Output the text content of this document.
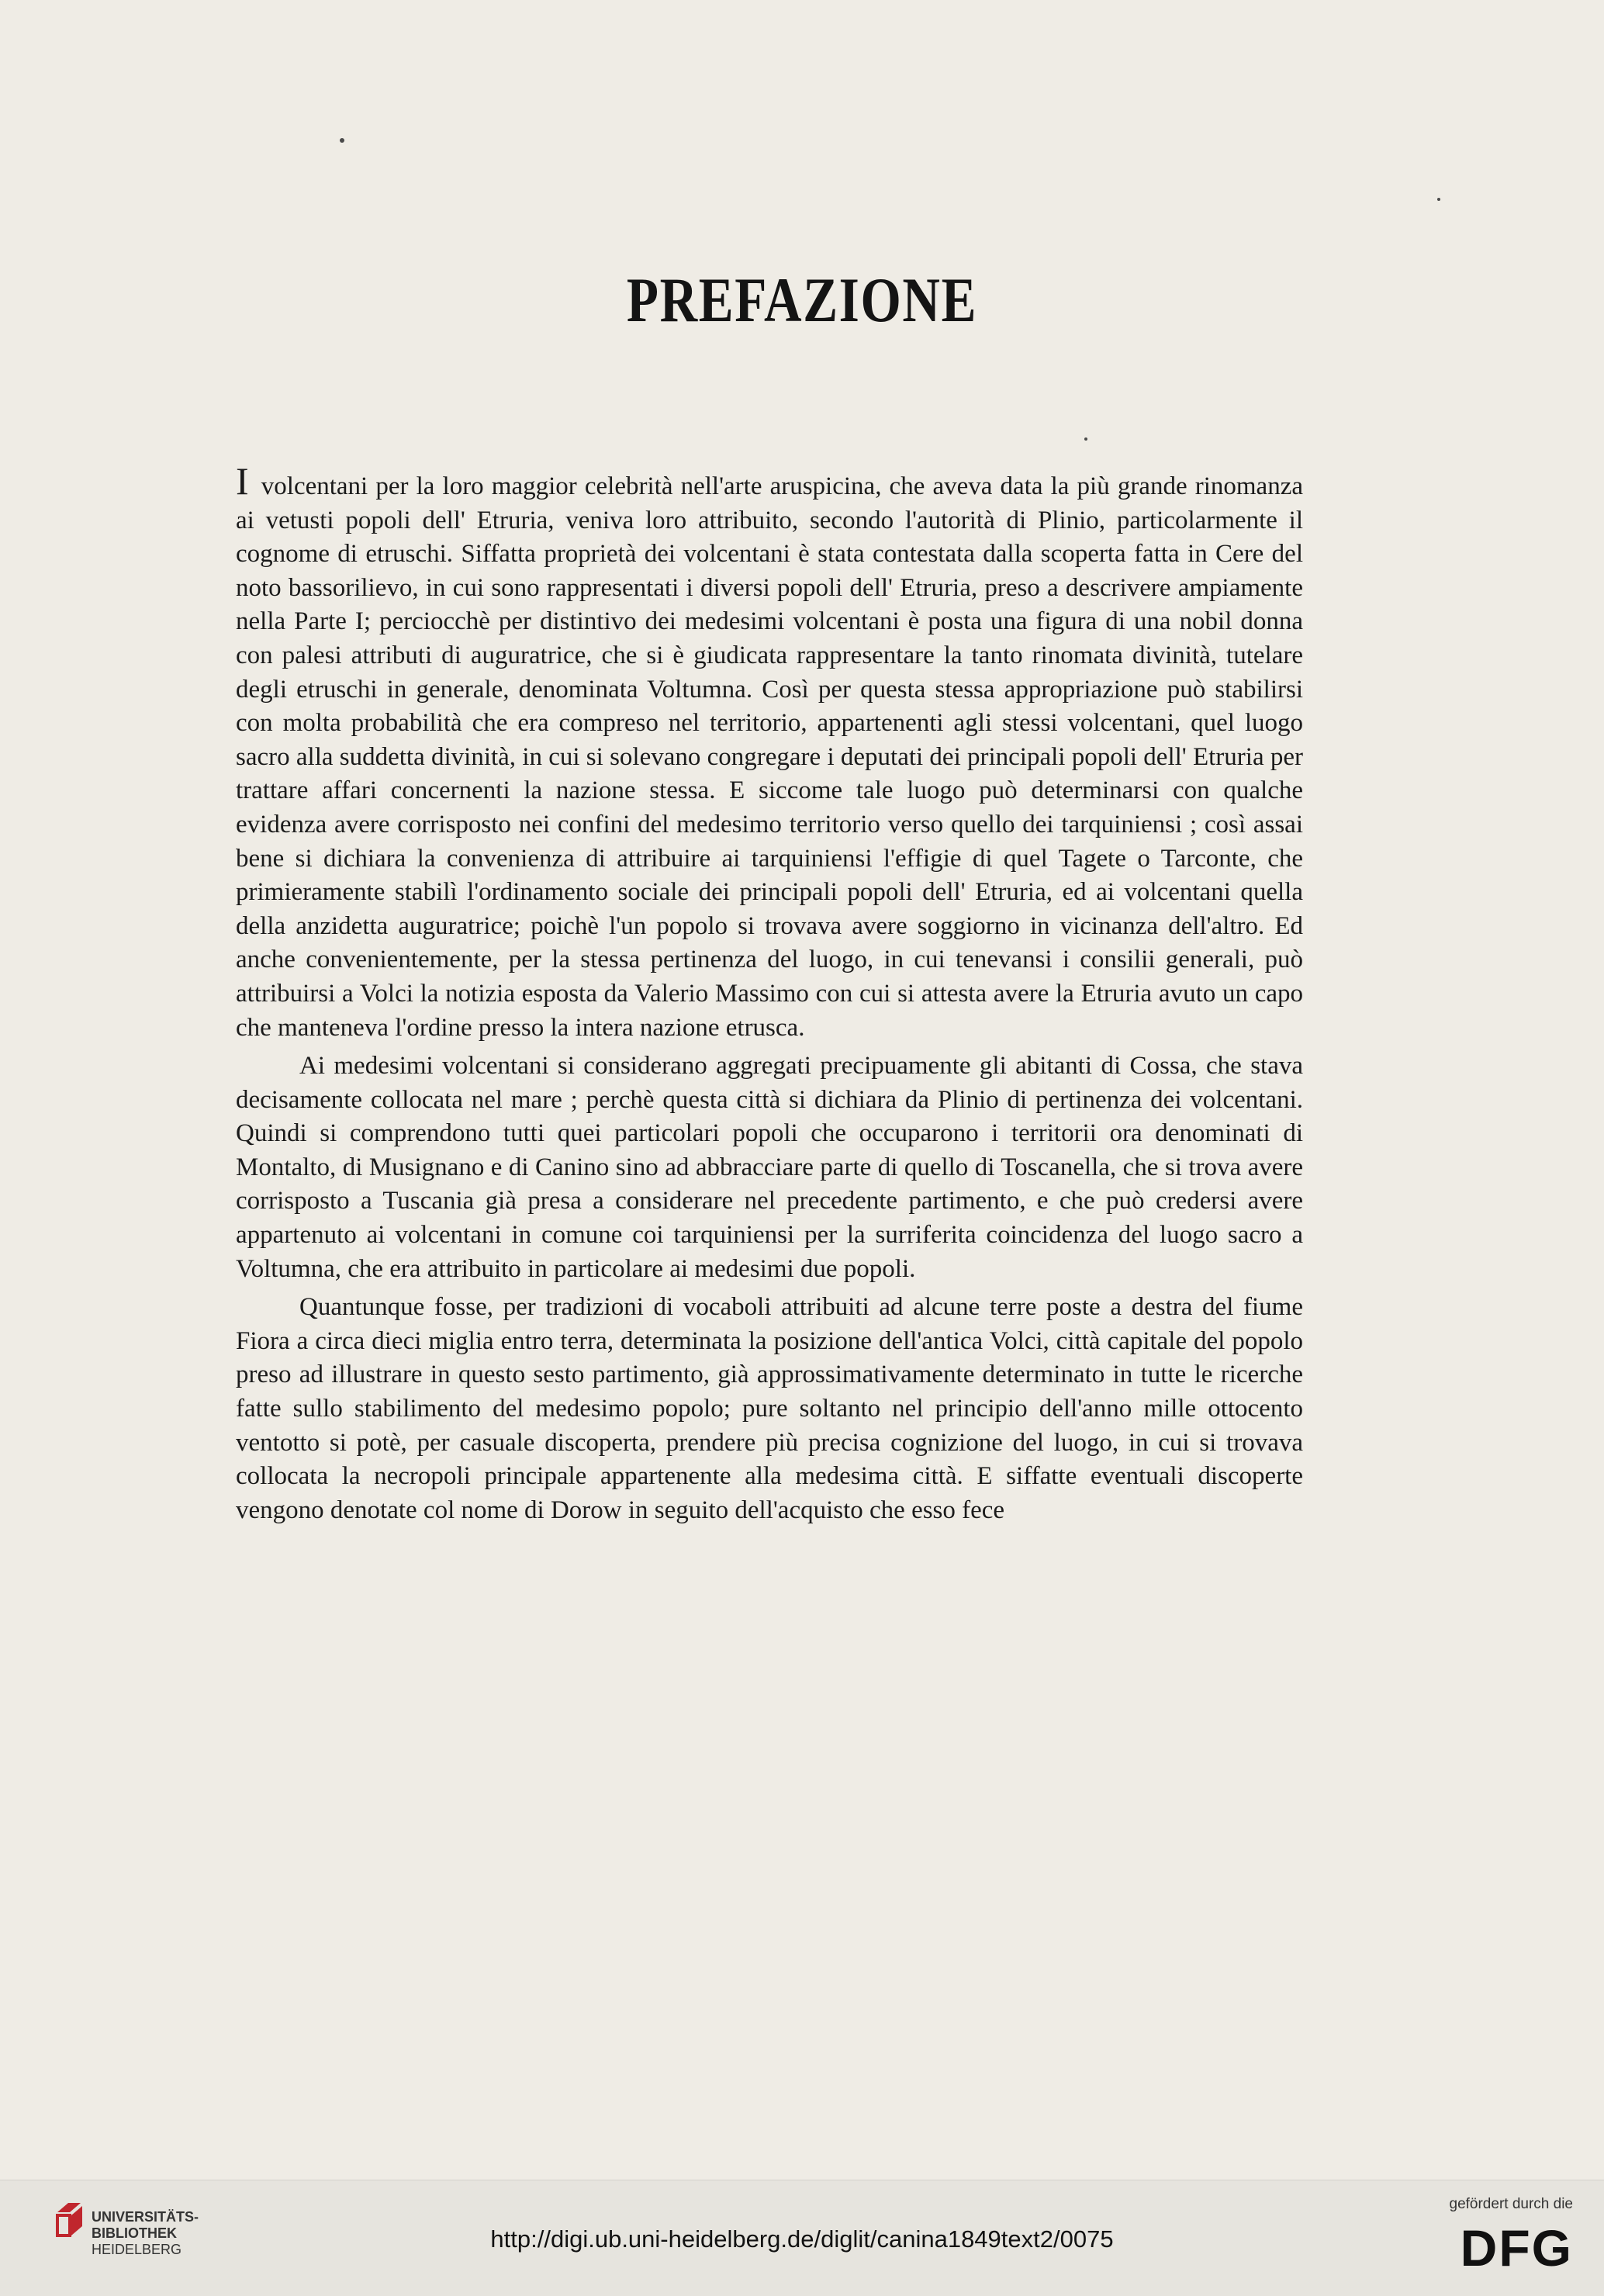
PREFAZIONE

I volcentani per la loro maggior celebrità nell'arte aruspicina, che aveva data la più grande rinomanza ai vetusti popoli dell' Etruria, veniva loro attribuito, secondo l'autorità di Plinio, particolarmente il cognome di etruschi. Siffatta proprietà dei volcentani è stata contestata dalla scoperta fatta in Cere del noto bassorilievo, in cui sono rappresentati i diversi popoli dell' Etruria, preso a descrivere ampiamente nella Parte I; perciocchè per distintivo dei medesimi volcentani è posta una figura di una nobil donna con palesi attributi di auguratrice, che si è giudicata rappresentare la tanto rinomata divinità, tutelare degli etruschi in generale, denominata Voltumna. Così per questa stessa appropriazione può stabilirsi con molta probabilità che era compreso nel territorio, appartenenti agli stessi volcentani, quel luogo sacro alla suddetta divinità, in cui si solevano congregare i deputati dei principali popoli dell' Etruria per trattare affari concernenti la nazione stessa. E siccome tale luogo può determinarsi con qualche evidenza avere corrisposto nei confini del medesimo territorio verso quello dei tarquiniensi ; così assai bene si dichiara la convenienza di attribuire ai tarquiniensi l'effigie di quel Tagete o Tarconte, che primieramente stabilì l'ordinamento sociale dei principali popoli dell' Etruria, ed ai volcentani quella della anzidetta auguratrice; poichè l'un popolo si trovava avere soggiorno in vicinanza dell'altro. Ed anche convenientemente, per la stessa pertinenza del luogo, in cui tenevansi i consilii generali, può attribuirsi a Volci la notizia esposta da Valerio Massimo con cui si attesta avere la Etruria avuto un capo che manteneva l'ordine presso la intera nazione etrusca.

Ai medesimi volcentani si considerano aggregati precipuamente gli abitanti di Cossa, che stava decisamente collocata nel mare ; perchè questa città si dichiara da Plinio di pertinenza dei volcentani. Quindi si comprendono tutti quei particolari popoli che occuparono i territorii ora denominati di Montalto, di Musignano e di Canino sino ad abbracciare parte di quello di Toscanella, che si trova avere corrisposto a Tuscania già presa a considerare nel precedente partimento, e che può credersi avere appartenuto ai volcentani in comune coi tarquiniensi per la surriferita coincidenza del luogo sacro a Voltumna, che era attribuito in particolare ai medesimi due popoli.

Quantunque fosse, per tradizioni di vocaboli attribuiti ad alcune terre poste a destra del fiume Fiora a circa dieci miglia entro terra, determinata la posizione dell'antica Volci, città capitale del popolo preso ad illustrare in questo sesto partimento, già approssimativamente determinato in tutte le ricerche fatte sullo stabilimento del medesimo popolo; pure soltanto nel principio dell'anno mille ottocento ventotto si potè, per casuale discoperta, prendere più precisa cognizione del luogo, in cui si trovava collocata la necropoli principale appartenente alla medesima città. E siffatte eventuali discoperte vengono denotate col nome di Dorow in seguito dell'acquisto che esso fece

UNIVERSITÄTS-
BIBLIOTHEK
HEIDELBERG	http://digi.ub.uni-heidelberg.de/diglit/canina1849text2/0075
gefördert durch die
DFG
